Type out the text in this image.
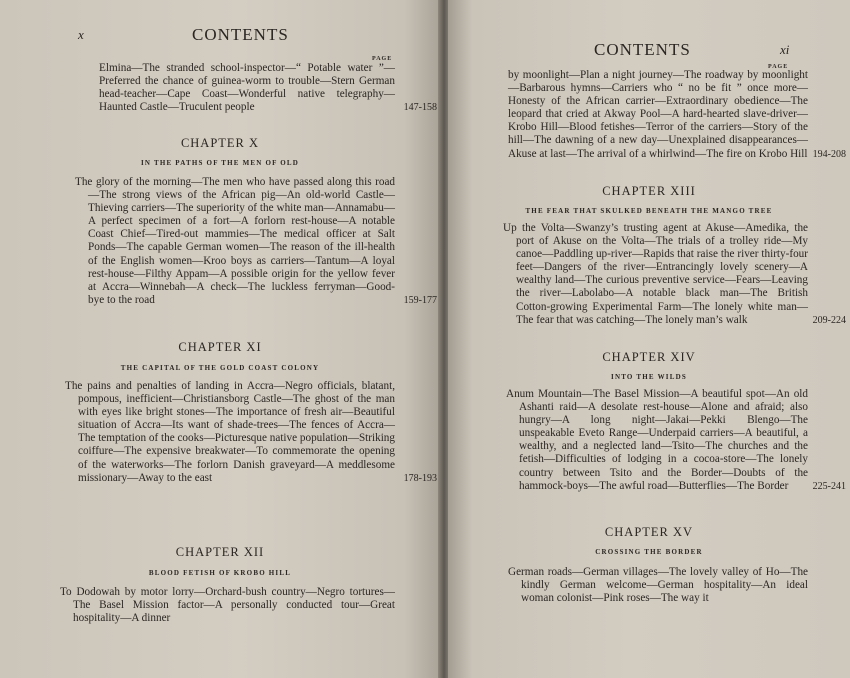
x	CONTENTS
PAGE
Elmina—The stranded school-inspector—“ Potable water ”—Preferred the chance of guinea-worm to trouble—Stern German head-teacher—Cape Coast—Wonderful native telegraphy—Haunted Castle—Truculent people	147-158
CHAPTER X
IN THE PATHS OF THE MEN OF OLD
The glory of the morning—The men who have passed along this road—The strong views of the African pig—An old-world Castle—Thieving carriers—The superiority of the white man—Annamabu—A perfect specimen of a fort—A forlorn rest-house—A notable Coast Chief—Tired-out mammies—The medical officer at Salt Ponds—The capable German women—The reason of the ill-health of the English women—Kroo boys as carriers—Tantum—A loyal rest-house—Filthy Appam—A possible origin for the yellow fever at Accra—Winnebah—A check—The luckless ferryman—Good-bye to the road	159-177
CHAPTER XI
THE CAPITAL OF THE GOLD COAST COLONY
The pains and penalties of landing in Accra—Negro officials, blatant, pompous, inefficient—Christiansborg Castle—The ghost of the man with eyes like bright stones—The importance of fresh air—Beautiful situation of Accra—Its want of shade-trees—The fences of Accra—The temptation of the cooks—Picturesque native population—Striking coiffure—The expensive breakwater—To commemorate the opening of the waterworks—The forlorn Danish graveyard—A meddlesome missionary—Away to the east	178-193
CHAPTER XII
BLOOD FETISH OF KROBO HILL
To Dodowah by motor lorry—Orchard-bush country—Negro tortures—The Basel Mission factor—A personally conducted tour—Great hospitality—A dinner
CONTENTS	xi
PAGE
by moonlight—Plan a night journey—The roadway by moonlight—Barbarous hymns—Carriers who “ no be fit ” once more—Honesty of the African carrier—Extraordinary obedience—The leopard that cried at Akway Pool—A hard-hearted slave-driver—Krobo Hill—Blood fetishes—Terror of the carriers—Story of the hill—The dawning of a new day—Unexplained disappearances—Akuse at last—The arrival of a whirlwind—The fire on Krobo Hill 194-208
CHAPTER XIII
THE FEAR THAT SKULKED BENEATH THE MANGO TREE
Up the Volta—Swanzy’s trusting agent at Akuse—Amedika, the port of Akuse on the Volta—The trials of a trolley ride—My canoe—Paddling up-river—Rapids that raise the river thirty-four feet—Dangers of the river—Entrancingly lovely scenery—A wealthy land—The curious preventive service—Fears—Leaving the river—Labolabo—A notable black man—The British Cotton-growing Experimental Farm—The lonely white man—The fear that was catching—The lonely man’s walk	209-224
CHAPTER XIV
INTO THE WILDS
Anum Mountain—The Basel Mission—A beautiful spot—An old Ashanti raid—A desolate rest-house—Alone and afraid; also hungry—A long night—Jakai—Pekki Blengo—The unspeakable Eveto Range—Underpaid carriers—A beautiful, a wealthy, and a neglected land—Tsito—The churches and the fetish—Difficulties of lodging in a cocoa-store—The lonely country between Tsito and the Border—Doubts of the hammock-boys—The awful road—Butterflies—The Border	225-241
CHAPTER XV
CROSSING THE BORDER
German roads—German villages—The lovely valley of Ho—The kindly German welcome—German hospitality—An ideal woman colonist—Pink roses—The way it
